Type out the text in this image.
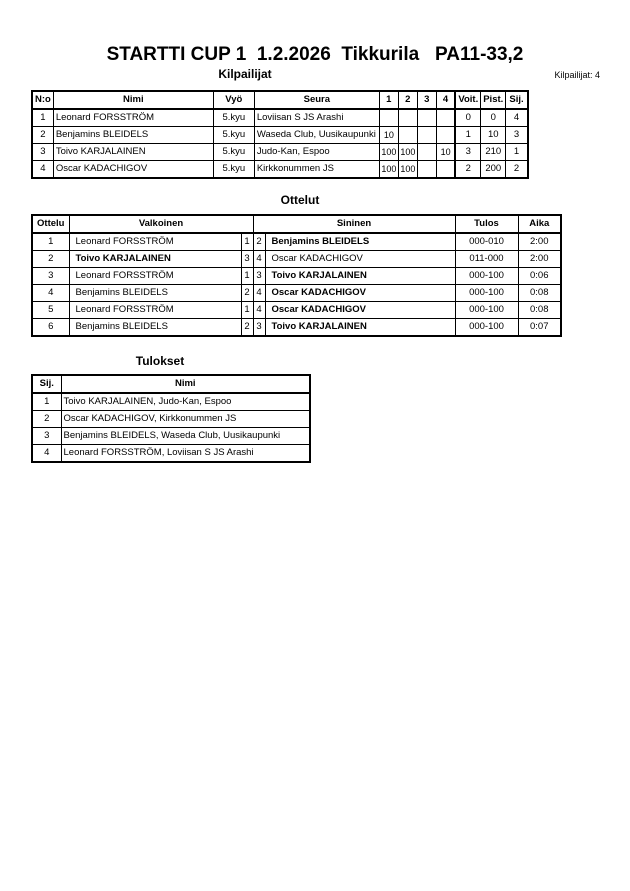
STARTTI CUP 1  1.2.2026  Tikkurila   PA11-33,2
Kilpailijat	Kilpailijat: 4
N:o	Nimi	Vyö	Seura	1	2	3	4	Voit.	Pist.	Sij.
1	Leonard FORSSTRÖM	5.kyu	Loviisan S JS Arashi					0	0	4
2	Benjamins BLEIDELS	5.kyu	Waseda Club, Uusikaupunki	10				1	10	3
3	Toivo KARJALAINEN	5.kyu	Judo-Kan, Espoo	100	100		10	3	210	1
4	Oscar KADACHIGOV	5.kyu	Kirkkonummen JS	100	100			2	200	2
Ottelut
Ottelu	Valkoinen		Sininen		Tulos	Aika
1	Leonard FORSSTRÖM	1	2	Benjamins BLEIDELS	000-010	2:00
2	Toivo KARJALAINEN	3	4	Oscar KADACHIGOV	011-000	2:00
3	Leonard FORSSTRÖM	1	3	Toivo KARJALAINEN	000-100	0:06
4	Benjamins BLEIDELS	2	4	Oscar KADACHIGOV	000-100	0:08
5	Leonard FORSSTRÖM	1	4	Oscar KADACHIGOV	000-100	0:08
6	Benjamins BLEIDELS	2	3	Toivo KARJALAINEN	000-100	0:07
Tulokset
Sij.	Nimi
1	Toivo KARJALAINEN, Judo-Kan, Espoo
2	Oscar KADACHIGOV, Kirkkonummen JS
3	Benjamins BLEIDELS, Waseda Club, Uusikaupunki
4	Leonard FORSSTRÖM, Loviisan S JS Arashi
